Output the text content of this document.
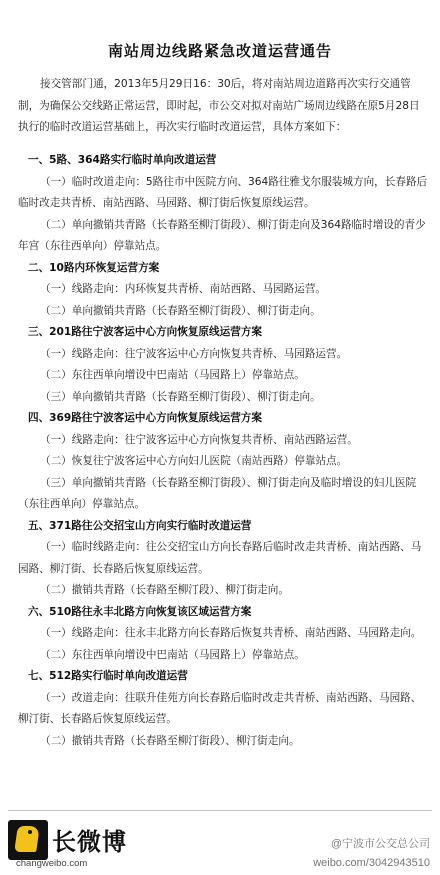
南站周边线路紧急改道运营通告
接交管部门通，2013年5月29日16：30后，将对南站周边道路再次实行交通管制，为确保公交线路正常运营，即时起，市公交对拟对南站广场周边线路在原5月28日执行的临时改道运营基础上，再次实行临时改道运营，具体方案如下：
一、5路、364路实行临时单向改道运营
（一）临时改道走向：5路往市中医院方向、364路往雅戈尔服装城方向，长春路后临时改走共青桥、南站西路、马园路、柳汀街后恢复原线运营。
（二）单向撤销共青路（长春路至柳汀街段）、柳汀街走向及364路临时增设的青少年宫（东往西单向）停靠站点。
二、10路内环恢复运营方案
（一）线路走向：内环恢复共青桥、南站西路、马园路运营。
（二）单向撤销共青路（长春路至柳汀街段）、柳汀街走向。
三、201路往宁波客运中心方向恢复原线运营方案
（一）线路走向：往宁波客运中心方向恢复共青桥、马园路运营。
（二）东往西单向增设中巴南站（马园路上）停靠站点。
（三）单向撤销共青路（长春路至柳汀街段）、柳汀街走向。
四、369路往宁波客运中心方向恢复原线运营方案
（一）线路走向：往宁波客运中心方向恢复共青桥、南站西路运营。
（二）恢复往宁波客运中心方向妇儿医院（南站西路）停靠站点。
（三）单向撤销共青路（长春路至柳汀街段）、柳汀街走向及临时增设的妇儿医院（东往西单向）停靠站点。
五、371路往公交招宝山方向实行临时改道运营
（一）临时线路走向：往公交招宝山方向长春路后临时改走共青桥、南站西路、马园路、柳汀街、长春路后恢复原线运营。
（二）撤销共青路（长春路至柳汀段）、柳汀街走向。
六、510路往永丰北路方向恢复该区域运营方案
（一）线路走向：往永丰北路方向长春路后恢复共青桥、南站西路、马园路走向。
（二）东往西单向增设中巴南站（马园路上）停靠站点。
七、512路实行临时单向改道运营
（一）改道走向：往联升佳苑方向长春路后临时改走共青桥、南站西路、马园路、柳汀街、长春路后恢复原线运营。
（二）撤销共青路（长春路至柳汀街段）、柳汀街走向。
长微博
changweibo.com
@宁波市公交总公司
weibo.com/3042943510
